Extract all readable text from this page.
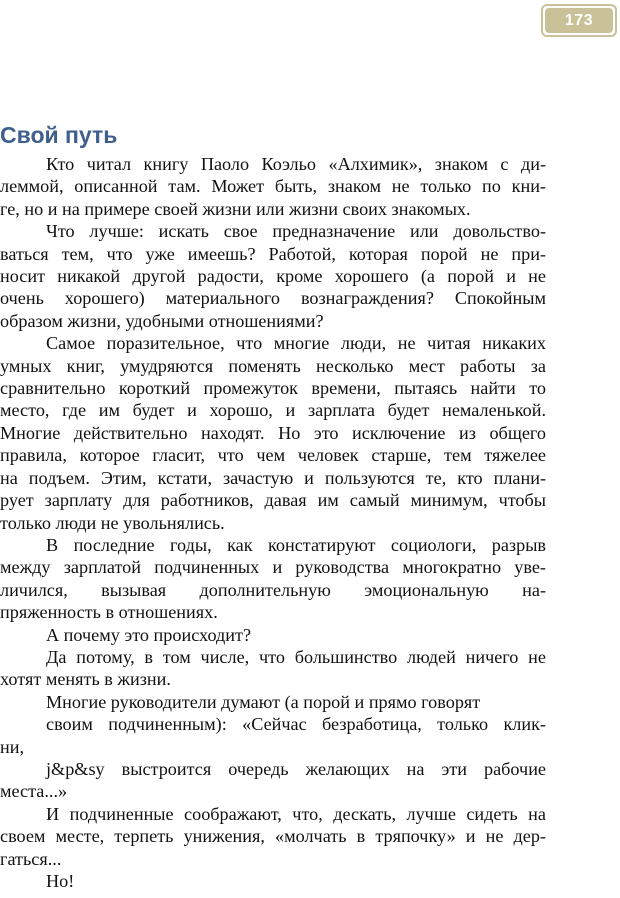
173
Свой путь
Кто читал книгу Паоло Коэльо «Алхимик», знаком с ди-
леммой, описанной там. Может быть, знаком не только по кни-
ге, но и на примере своей жизни или жизни своих знакомых.
Что лучше: искать свое предназначение или довольство-
ваться тем, что уже имеешь? Работой, которая порой не при-
носит никакой другой радости, кроме хорошего (а порой и не
очень хорошего) материального вознаграждения? Спокойным
образом жизни, удобными отношениями?
Самое поразительное, что многие люди, не читая никаких
умных книг, умудряются поменять несколько мест работы за
сравнительно короткий промежуток времени, пытаясь найти то
место, где им будет и хорошо, и зарплата будет немаленькой.
Многие действительно находят. Но это исключение из общего
правила, которое гласит, что чем человек старше, тем тяжелее
на подъем. Этим, кстати, зачастую и пользуются те, кто плани-
рует зарплату для работников, давая им самый минимум, чтобы
только люди не увольнялись.
В последние годы, как констатируют социологи, разрыв
между зарплатой подчиненных и руководства многократно уве-
личился, вызывая дополнительную эмоциональную на-
пряженность в отношениях.
А почему это происходит?
Да потому, в том числе, что большинство людей ничего не
хотят менять в жизни.
Многие руководители думают (а порой и прямо говорят
своим подчиненным): «Сейчас безработица, только клик-
ни,
j&p&sy выстроится очередь желающих на эти рабочие
места...»
И подчиненные соображают, что, дескать, лучше сидеть на
своем месте, терпеть унижения, «молчать в тряпочку» и не дер-
гаться...
Но!
